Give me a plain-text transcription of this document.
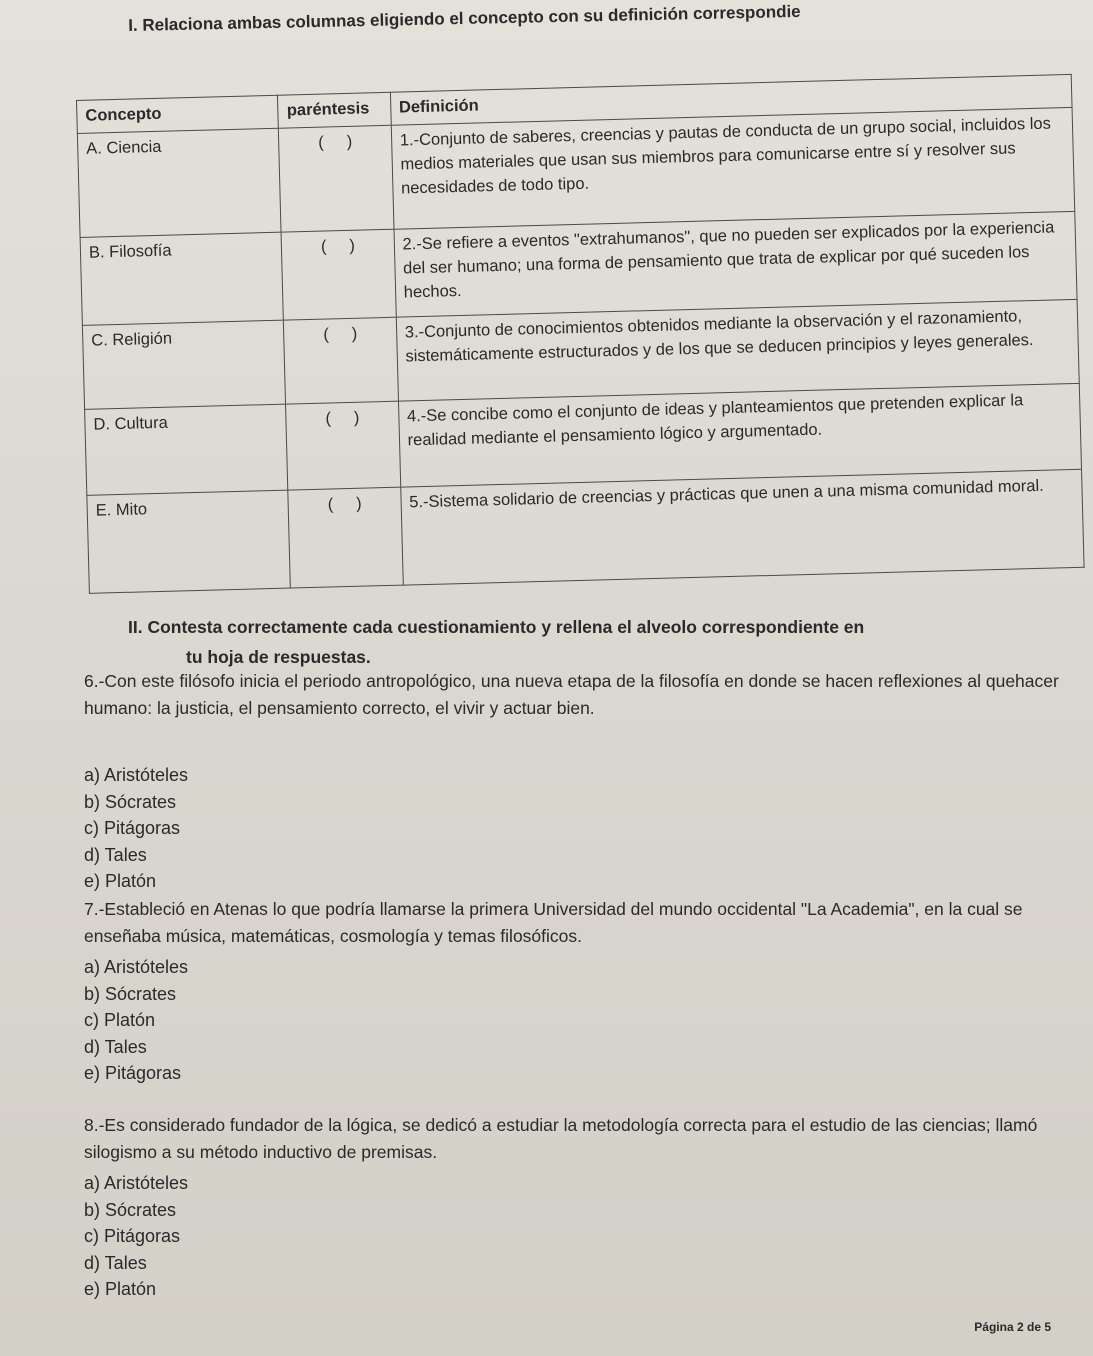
I. Relaciona ambas columnas eligiendo el concepto con su definición correspondie
Concepto	paréntesis	Definición
A. Ciencia	(     )	1.-Conjunto de saberes, creencias y pautas de conducta de un grupo social, incluidos los medios materiales que usan sus miembros para comunicarse entre sí y resolver sus necesidades de todo tipo.
B. Filosofía	(     )	2.-Se refiere a eventos "extrahumanos", que no pueden ser explicados por la experiencia del ser humano; una forma de pensamiento que trata de explicar por qué suceden los hechos.
C. Religión	(     )	3.-Conjunto de conocimientos obtenidos mediante la observación y el razonamiento, sistemáticamente estructurados y de los que se deducen principios y leyes generales.
D. Cultura	(     )	4.-Se concibe como el conjunto de ideas y planteamientos que pretenden explicar la realidad mediante el pensamiento lógico y argumentado.
E. Mito	(     )	5.-Sistema solidario de creencias y prácticas que unen a una misma comunidad moral.
II. Contesta correctamente cada cuestionamiento y rellena el alveolo correspondiente en
tu hoja de respuestas.
6.-Con este filósofo inicia el periodo antropológico, una nueva etapa de la filosofía en donde se hacen reflexiones al quehacer humano: la justicia, el pensamiento correcto, el vivir y actuar bien.
a) Aristóteles
b) Sócrates
c) Pitágoras
d) Tales
e) Platón
7.-Estableció en Atenas lo que podría llamarse la primera Universidad del mundo occidental "La Academia", en la cual se enseñaba música, matemáticas, cosmología y temas filosóficos.
a) Aristóteles
b) Sócrates
c) Platón
d) Tales
e) Pitágoras
8.-Es considerado fundador de la lógica, se dedicó a estudiar la metodología correcta para el estudio de las ciencias; llamó silogismo a su método inductivo de premisas.
a) Aristóteles
b) Sócrates
c) Pitágoras
d) Tales
e) Platón
Página 2 de 5
